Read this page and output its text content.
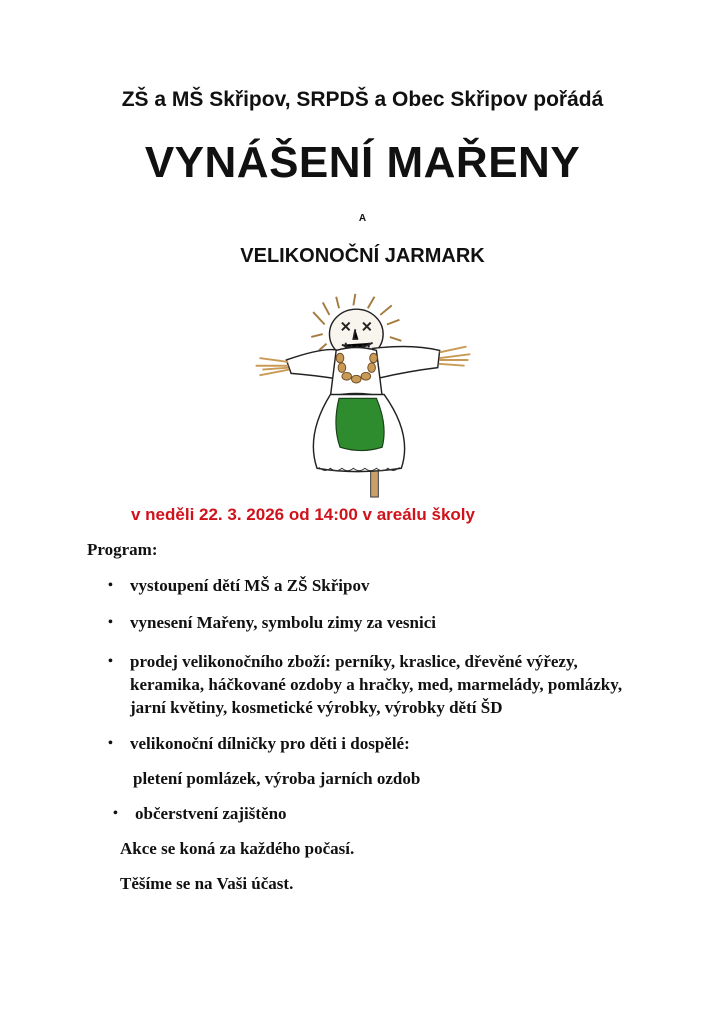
ZŠ a MŠ Skřipov, SRPDŠ a Obec Skřipov pořádá
VYNÁŠENÍ MAŘENY
A
VELIKONOČNÍ JARMARK
v neděli 22. 3. 2026 od 14:00 v areálu školy
Program:
• vystoupení dětí MŠ a ZŠ Skřipov
• vynesení Mařeny, symbolu zimy za vesnici
• prodej velikonočního zboží: perníky, kraslice, dřevěné výřezy,
keramika, háčkované ozdoby a hračky, med, marmelády, pomlázky,
jarní květiny, kosmetické výrobky, výrobky dětí ŠD
• velikonoční dílničky pro děti i dospělé:
pletení pomlázek, výroba jarních ozdob
• občerstvení zajištěno
Akce se koná za každého počasí.
Těšíme se na Vaši účast.
